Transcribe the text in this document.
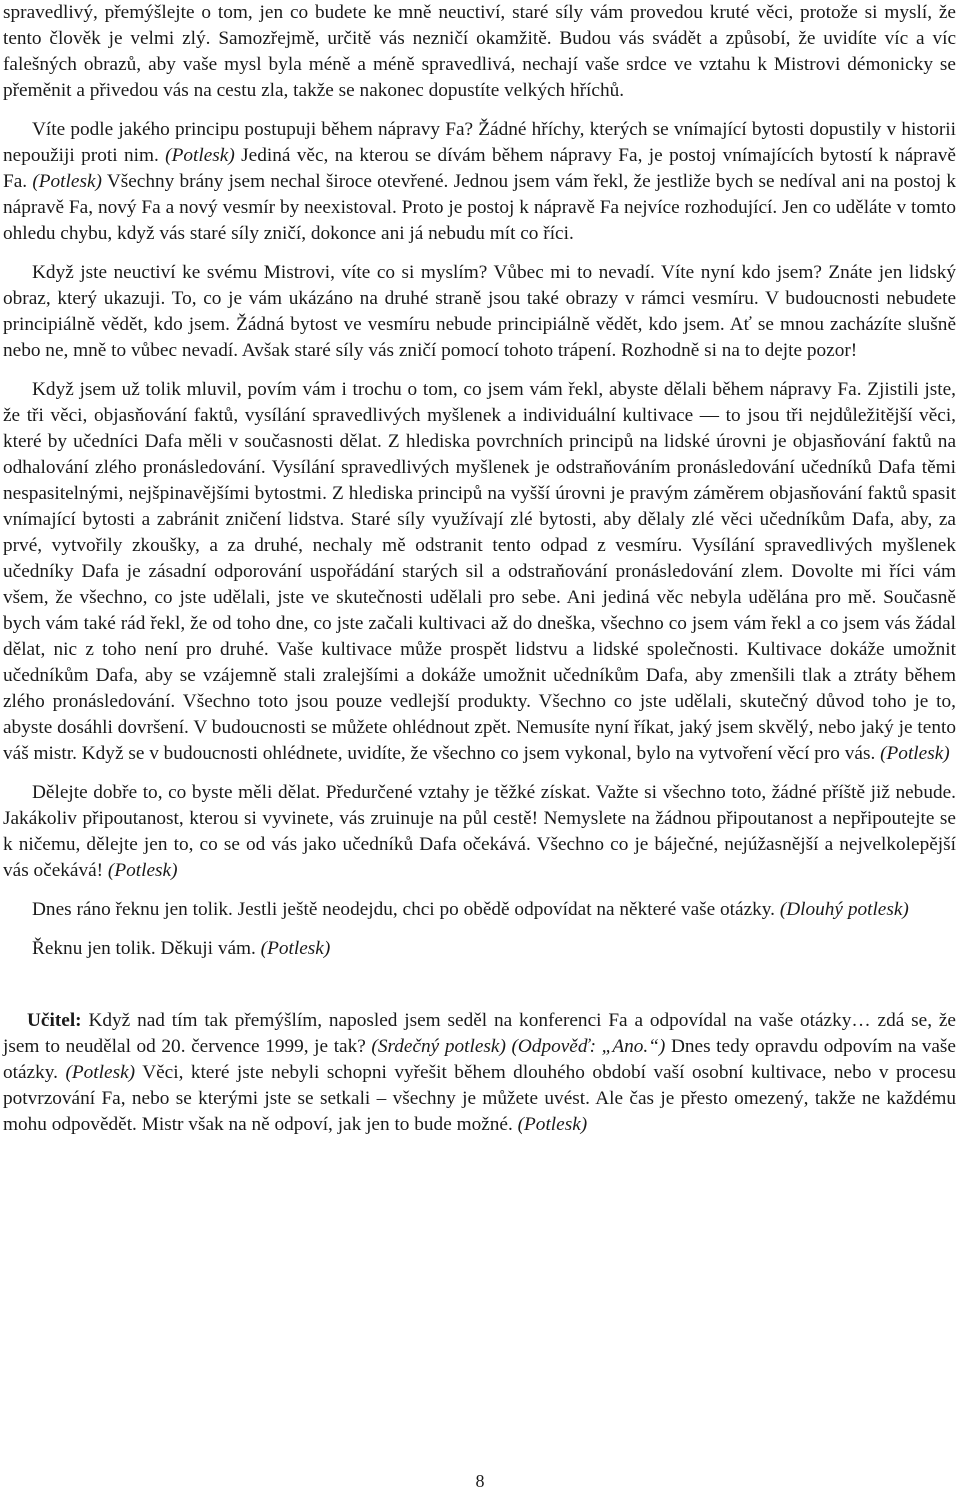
spravedlivý, přemýšlejte o tom, jen co budete ke mně neuctiví, staré síly vám provedou kruté věci, protože si myslí, že tento člověk je velmi zlý. Samozřejmě, určitě vás nezničí okamžitě. Budou vás svádět a způsobí, že uvidíte víc a víc falešných obrazů, aby vaše mysl byla méně a méně spravedlivá, nechají vaše srdce ve vztahu k Mistrovi démonicky se přeměnit a přivedou vás na cestu zla, takže se nakonec dopustíte velkých hříchů.

Víte podle jakého principu postupuji během nápravy Fa? Žádné hříchy, kterých se vnímající bytosti dopustily v historii nepoužiji proti nim. (Potlesk) Jediná věc, na kterou se dívám během nápravy Fa, je postoj vnímajících bytostí k nápravě Fa. (Potlesk) Všechny brány jsem nechal široce otevřené. Jednou jsem vám řekl, že jestliže bych se nedíval ani na postoj k nápravě Fa, nový Fa a nový vesmír by neexistoval. Proto je postoj k nápravě Fa nejvíce rozhodující. Jen co uděláte v tomto ohledu chybu, když vás staré síly zničí, dokonce ani já nebudu mít co říci.

Když jste neuctiví ke svému Mistrovi, víte co si myslím? Vůbec mi to nevadí. Víte nyní kdo jsem? Znáte jen lidský obraz, který ukazuji. To, co je vám ukázáno na druhé straně jsou také obrazy v rámci vesmíru. V budoucnosti nebudete principiálně vědět, kdo jsem. Žádná bytost ve vesmíru nebude principiálně vědět, kdo jsem. Ať se mnou zacházíte slušně nebo ne, mně to vůbec nevadí. Avšak staré síly vás zničí pomocí tohoto trápení. Rozhodně si na to dejte pozor!

Když jsem už tolik mluvil, povím vám i trochu o tom, co jsem vám řekl, abyste dělali během nápravy Fa. Zjistili jste, že tři věci, objasňování faktů, vysílání spravedlivých myšlenek a individuální kultivace — to jsou tři nejdůležitější věci, které by učedníci Dafa měli v současnosti dělat. Z hlediska povrchních principů na lidské úrovni je objasňování faktů na odhalování zlého pronásledování. Vysílání spravedlivých myšlenek je odstraňováním pronásledování učedníků Dafa těmi nespasitelnými, nejšpinavějšími bytostmi. Z hlediska principů na vyšší úrovni je pravým záměrem objasňování faktů spasit vnímající bytosti a zabránit zničení lidstva. Staré síly využívají zlé bytosti, aby dělaly zlé věci učedníkům Dafa, aby, za prvé, vytvořily zkoušky, a za druhé, nechaly mě odstranit tento odpad z vesmíru. Vysílání spravedlivých myšlenek učedníky Dafa je zásadní odporování uspořádání starých sil a odstraňování pronásledování zlem. Dovolte mi říci vám všem, že všechno, co jste udělali, jste ve skutečnosti udělali pro sebe. Ani jediná věc nebyla udělána pro mě. Současně bych vám také rád řekl, že od toho dne, co jste začali kultivaci až do dneška, všechno co jsem vám řekl a co jsem vás žádal dělat, nic z toho není pro druhé. Vaše kultivace může prospět lidstvu a lidské společnosti. Kultivace dokáže umožnit učedníkům Dafa, aby se vzájemně stali zralejšími a dokáže umožnit učedníkům Dafa, aby zmenšili tlak a ztráty během zlého pronásledování. Všechno toto jsou pouze vedlejší produkty. Všechno co jste udělali, skutečný důvod toho je to, abyste dosáhli dovršení. V budoucnosti se můžete ohlédnout zpět. Nemusíte nyní říkat, jaký jsem skvělý, nebo jaký je tento váš mistr. Když se v budoucnosti ohlédnete, uvidíte, že všechno co jsem vykonal, bylo na vytvoření věcí pro vás. (Potlesk)

Dělejte dobře to, co byste měli dělat. Předurčené vztahy je těžké získat. Važte si všechno toto, žádné příště již nebude. Jakákoliv připoutanost, kterou si vyvinete, vás zruinuje na půl cestě! Nemyslete na žádnou připoutanost a nepřipoutejte se k ničemu, dělejte jen to, co se od vás jako učedníků Dafa očekává. Všechno co je báječné, nejúžasnější a nejvelkolepější vás očekává! (Potlesk)

Dnes ráno řeknu jen tolik. Jestli ještě neodejdu, chci po obědě odpovídat na některé vaše otázky. (Dlouhý potlesk)

Řeknu jen tolik. Děkuji vám. (Potlesk)

Učitel: Když nad tím tak přemýšlím, naposled jsem seděl na konferenci Fa a odpovídal na vaše otázky… zdá se, že jsem to neudělal od 20. července 1999, je tak? (Srdečný potlesk) (Odpověď: „Ano.“) Dnes tedy opravdu odpovím na vaše otázky. (Potlesk) Věci, které jste nebyli schopni vyřešit během dlouhého období vaší osobní kultivace, nebo v procesu potvrzování Fa, nebo se kterými jste se setkali – všechny je můžete uvést. Ale čas je přesto omezený, takže ne každému mohu odpovědět. Mistr však na ně odpoví, jak jen to bude možné. (Potlesk)

8
